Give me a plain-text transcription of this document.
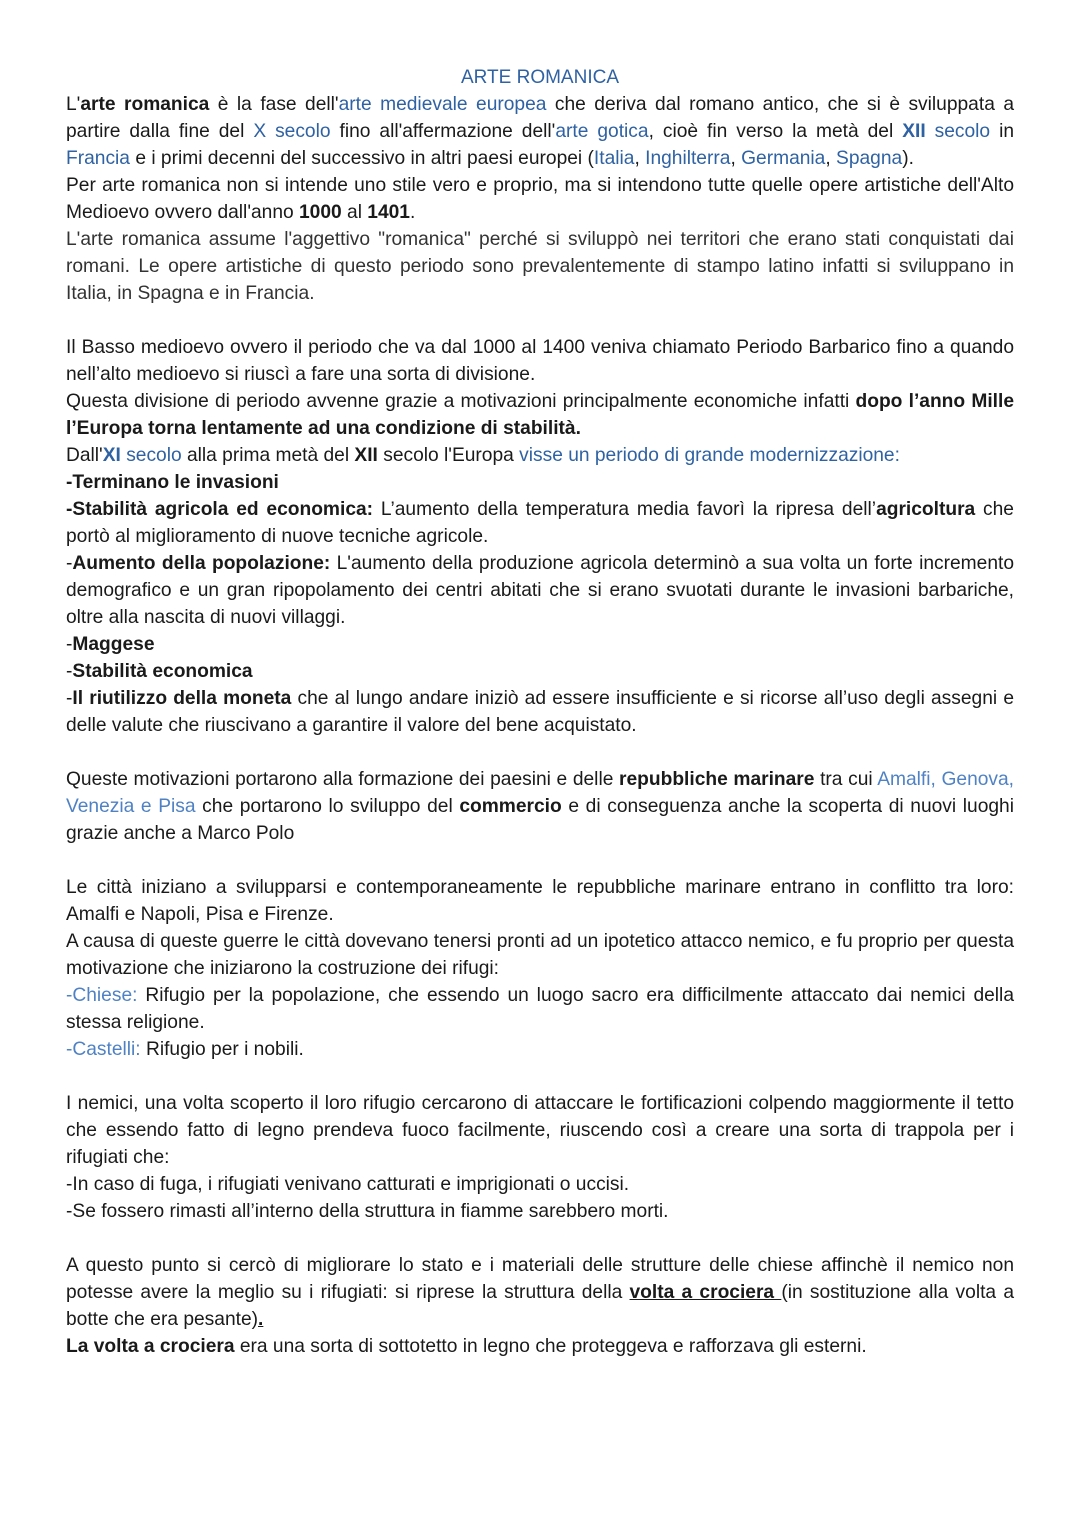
ARTE ROMANICA

L'arte romanica è la fase dell'arte medievale europea che deriva dal romano antico, che si è sviluppata a partire dalla fine del X secolo fino all'affermazione dell'arte gotica, cioè fin verso la metà del XII secolo in Francia e i primi decenni del successivo in altri paesi europei (Italia, Inghilterra, Germania, Spagna).

Per arte romanica non si intende uno stile vero e proprio, ma si intendono tutte quelle opere artistiche dell'Alto Medioevo ovvero dall'anno 1000 al 1401.

L'arte romanica assume l'aggettivo "romanica" perché si sviluppò nei territori che erano stati conquistati dai romani. Le opere artistiche di questo periodo sono prevalentemente di stampo latino infatti si sviluppano in Italia, in Spagna e in Francia.

Il Basso medioevo ovvero il periodo che va dal 1000 al 1400 veniva chiamato Periodo Barbarico fino a quando nell’alto medioevo si riuscì a fare una sorta di divisione.

Questa divisione di periodo avvenne grazie a motivazioni principalmente economiche infatti dopo l’anno Mille l’Europa torna lentamente ad una condizione di stabilità.

Dall'XI secolo alla prima metà del XII secolo l'Europa visse un periodo di grande modernizzazione:

-Terminano le invasioni

-Stabilità agricola ed economica: L’aumento della temperatura media favorì la ripresa dell’agricoltura che portò al miglioramento di nuove tecniche agricole.

-Aumento della popolazione: L'aumento della produzione agricola determinò a sua volta un forte incremento demografico e un gran ripopolamento dei centri abitati che si erano svuotati durante le invasioni barbariche, oltre alla nascita di nuovi villaggi.

-Maggese

-Stabilità economica

-Il riutilizzo della moneta che al lungo andare iniziò ad essere insufficiente e si ricorse all’uso degli assegni e delle valute che riuscivano a garantire il valore del bene acquistato.

Queste motivazioni portarono alla formazione dei paesini e delle repubbliche marinare tra cui Amalfi, Genova, Venezia e Pisa che portarono lo sviluppo del commercio e di conseguenza anche la scoperta di nuovi luoghi grazie anche a Marco Polo

Le città iniziano a svilupparsi e contemporaneamente le repubbliche marinare entrano in conflitto tra loro: Amalfi e Napoli, Pisa e Firenze.

A causa di queste guerre le città dovevano tenersi pronti ad un ipotetico attacco nemico, e fu proprio per questa motivazione che iniziarono la costruzione dei rifugi:

-Chiese: Rifugio per la popolazione, che essendo un luogo sacro era difficilmente attaccato dai nemici della stessa religione.

-Castelli: Rifugio per i nobili.

I nemici, una volta scoperto il loro rifugio cercarono di attaccare le fortificazioni colpendo maggiormente il tetto che essendo fatto di legno prendeva fuoco facilmente, riuscendo così a creare una sorta di trappola per i rifugiati che:

-In caso di fuga, i rifugiati venivano catturati e imprigionati o uccisi.

-Se fossero rimasti all’interno della struttura in fiamme sarebbero morti.

A questo punto si cercò di migliorare lo stato e i materiali delle strutture delle chiese affinchè il nemico non potesse avere la meglio su i rifugiati: si riprese la struttura della volta a crociera (in sostituzione alla volta a botte che era pesante).

La volta a crociera era una sorta di sottotetto in legno che proteggeva e rafforzava gli esterni.
